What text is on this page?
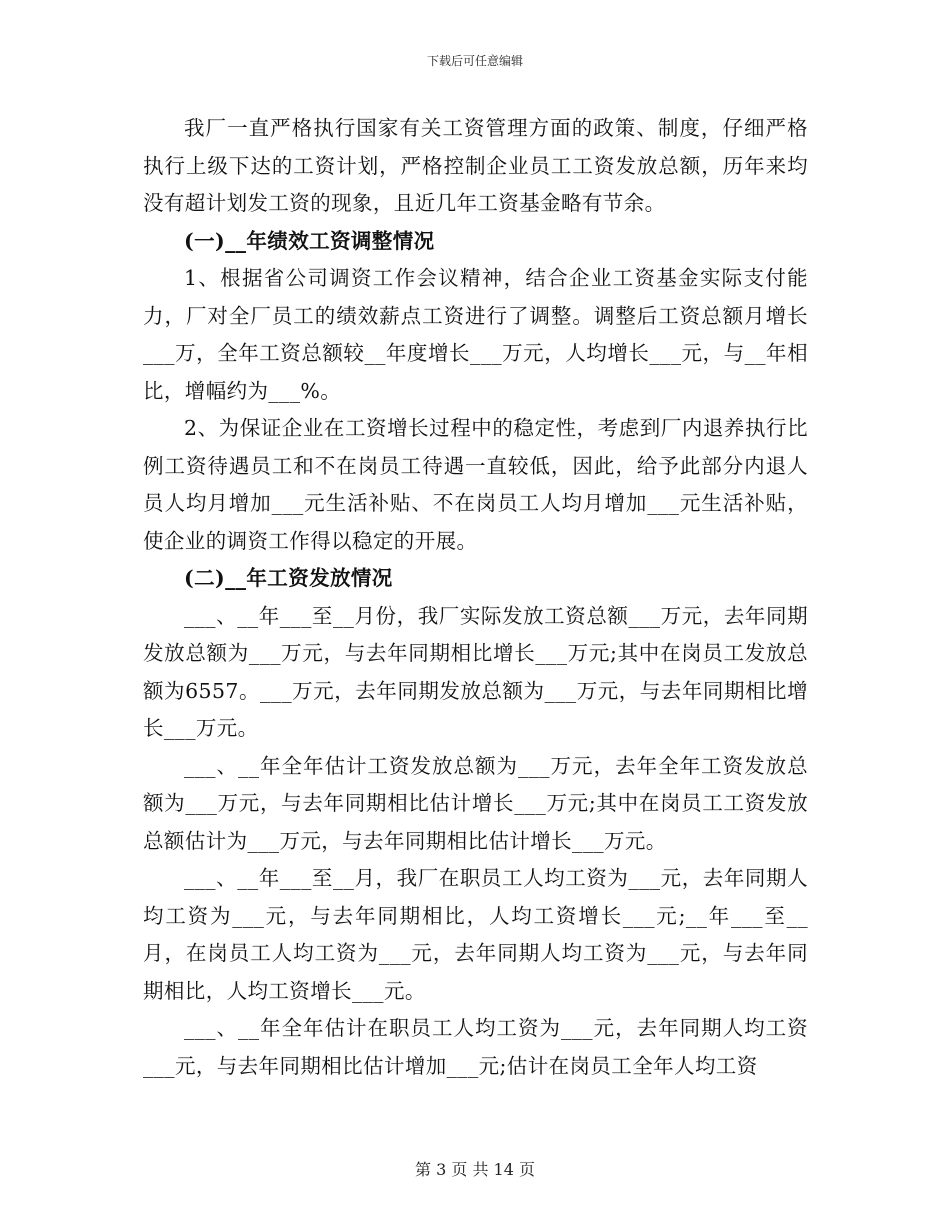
下载后可任意编辑

我厂一直严格执行国家有关工资管理方面的政策、制度，仔细严格执行上级下达的工资计划，严格控制企业员工工资发放总额，历年来均没有超计划发工资的现象，且近几年工资基金略有节余。

(一)__年绩效工资调整情况

1、根据省公司调资工作会议精神，结合企业工资基金实际支付能力，厂对全厂员工的绩效薪点工资进行了调整。调整后工资总额月增长___万，全年工资总额较__年度增长___万元，人均增长___元，与__年相比，增幅约为___%。

2、为保证企业在工资增长过程中的稳定性，考虑到厂内退养执行比例工资待遇员工和不在岗员工待遇一直较低，因此，给予此部分内退人员人均月增加___元生活补贴、不在岗员工人均月增加___元生活补贴，使企业的调资工作得以稳定的开展。

(二)__年工资发放情况

___、__年___至__月份，我厂实际发放工资总额___万元，去年同期发放总额为___万元，与去年同期相比增长___万元;其中在岗员工发放总额为6557。___万元，去年同期发放总额为___万元，与去年同期相比增长___万元。

___、__年全年估计工资发放总额为___万元，去年全年工资发放总额为___万元，与去年同期相比估计增长___万元;其中在岗员工工资发放总额估计为___万元，与去年同期相比估计增长___万元。

___、__年___至__月，我厂在职员工人均工资为___元，去年同期人均工资为___元，与去年同期相比，人均工资增长___元;__年___至__月，在岗员工人均工资为___元，去年同期人均工资为___元，与去年同期相比，人均工资增长___元。

___、__年全年估计在职员工人均工资为___元，去年同期人均工资___元，与去年同期相比估计增加___元;估计在岗员工全年人均工资

第 3 页 共 14 页
